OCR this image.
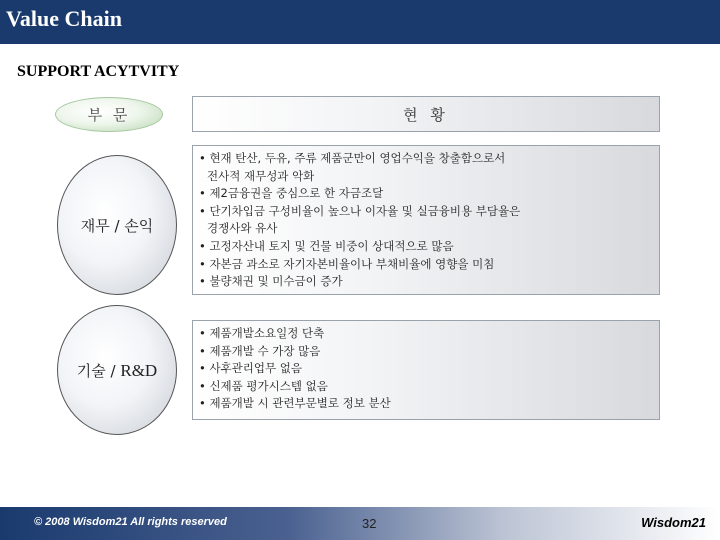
Value Chain
SUPPORT ACYTVITY
부 문	현 황
재무 / 손익
• 현재 탄산, 두유, 주류 제품군만이 영업수익을 창출함으로서
전사적 재무성과 악화
• 제2금융권을 중심으로 한 자금조달
• 단기차입금 구성비율이 높으나 이자율 및 실금융비용 부담율은
경쟁사와 유사
• 고정자산내 토지 및 건물 비중이 상대적으로 많음
• 자본금 과소로 자기자본비율이나 부채비율에 영향을 미침
• 불량채권 및 미수금이 증가
기술 / R&D
• 제품개발소요일정 단축
• 제품개발 수 가장 많음
• 사후관리업무 없음
• 신제품 평가시스템 없음
• 제품개발 시 관련부문별로 정보 분산
© 2008 Wisdom21 All rights reserved	32	Wisdom21
